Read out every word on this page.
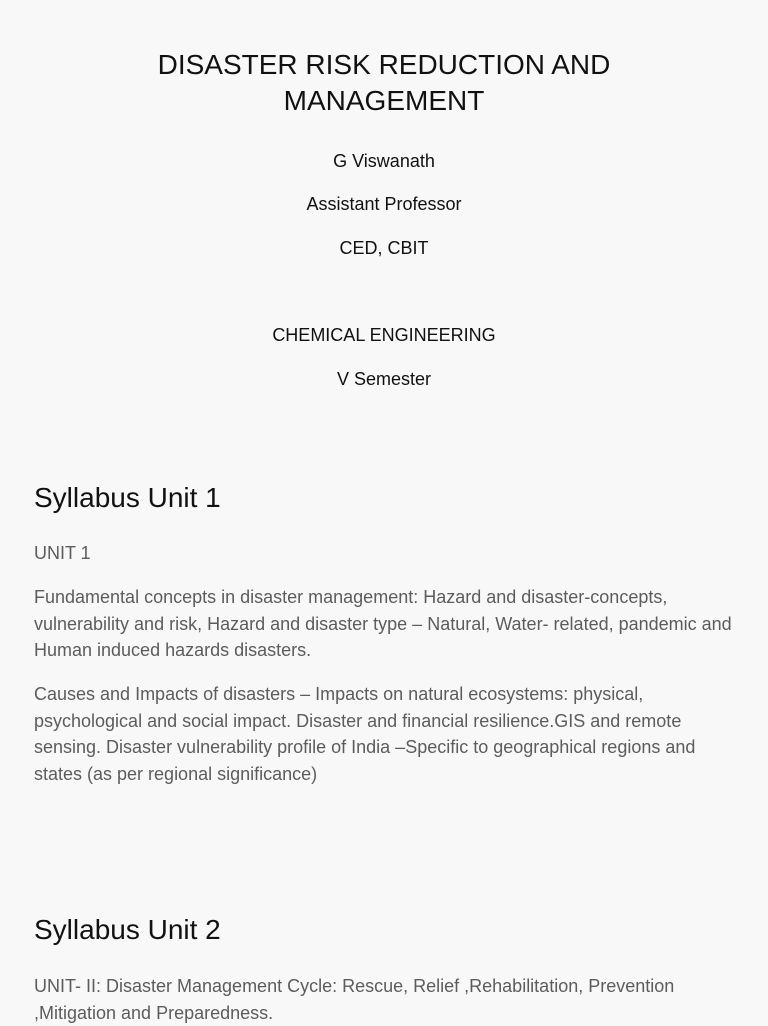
DISASTER RISK REDUCTION AND MANAGEMENT

G Viswanath

Assistant Professor

CED, CBIT

CHEMICAL ENGINEERING

V Semester

Syllabus Unit 1

UNIT 1

Fundamental concepts in disaster management: Hazard and disaster-concepts, vulnerability and risk, Hazard and disaster type – Natural, Water- related, pandemic and Human induced hazards disasters.

Causes and Impacts of disasters – Impacts on natural ecosystems: physical, psychological and social impact. Disaster and financial resilience.GIS and remote sensing. Disaster vulnerability profile of India –Specific to geographical regions and states (as per regional significance)

Syllabus Unit 2

UNIT- II: Disaster Management Cycle: Rescue, Relief ,Rehabilitation, Prevention ,Mitigation and Preparedness.
